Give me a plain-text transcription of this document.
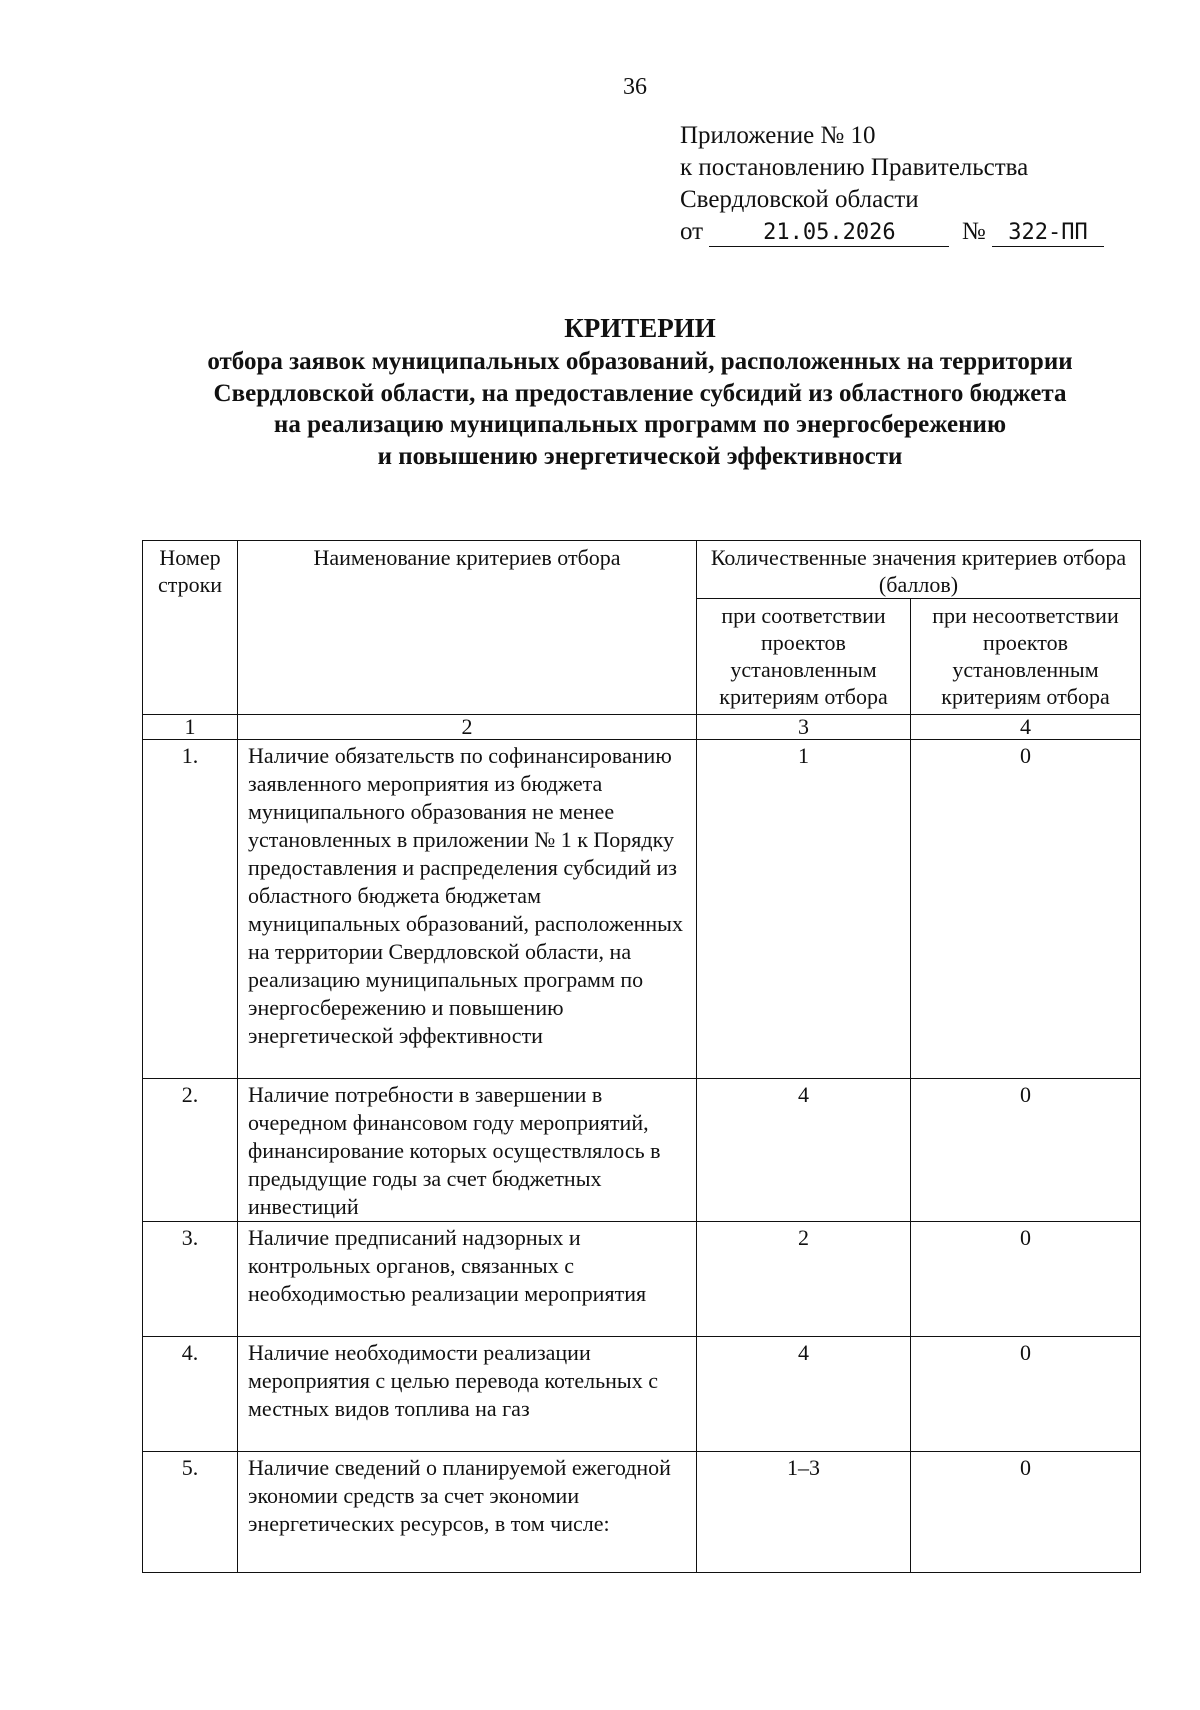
36
Приложение № 10
к постановлению Правительства
Свердловской области
от	21.05.2026	№ 322-ПП
КРИТЕРИИ
отбора заявок муниципальных образований, расположенных на территории
Свердловской области, на предоставление субсидий из областного бюджета
на реализацию муниципальных программ по энергосбережению
и повышению энергетической эффективности
Номер строки	Наименование критериев отбора	Количественные значения критериев отбора (баллов)	
		при соответствии проектов установленным критериям отбора	при несоответствии проектов установленным критериям отбора
1	2	3	4
1.	Наличие обязательств по софинансированию заявленного мероприятия из бюджета муниципального образования не менее установленных в приложении № 1 к Порядку предоставления и распределения субсидий из областного бюджета бюджетам муниципальных образований, расположенных на территории Свердловской области, на реализацию муниципальных программ по энергосбережению и повышению энергетической эффективности	1	0
2.	Наличие потребности в завершении в очередном финансовом году мероприятий, финансирование которых осуществлялось в предыдущие годы за счет бюджетных инвестиций	4	0
3.	Наличие предписаний надзорных и контрольных органов, связанных с необходимостью реализации мероприятия	2	0
4.	Наличие необходимости реализации мероприятия с целью перевода котельных с местных видов топлива на газ	4	0
5.	Наличие сведений о планируемой ежегодной экономии средств за счет экономии энергетических ресурсов, в том числе:	1–3	0
